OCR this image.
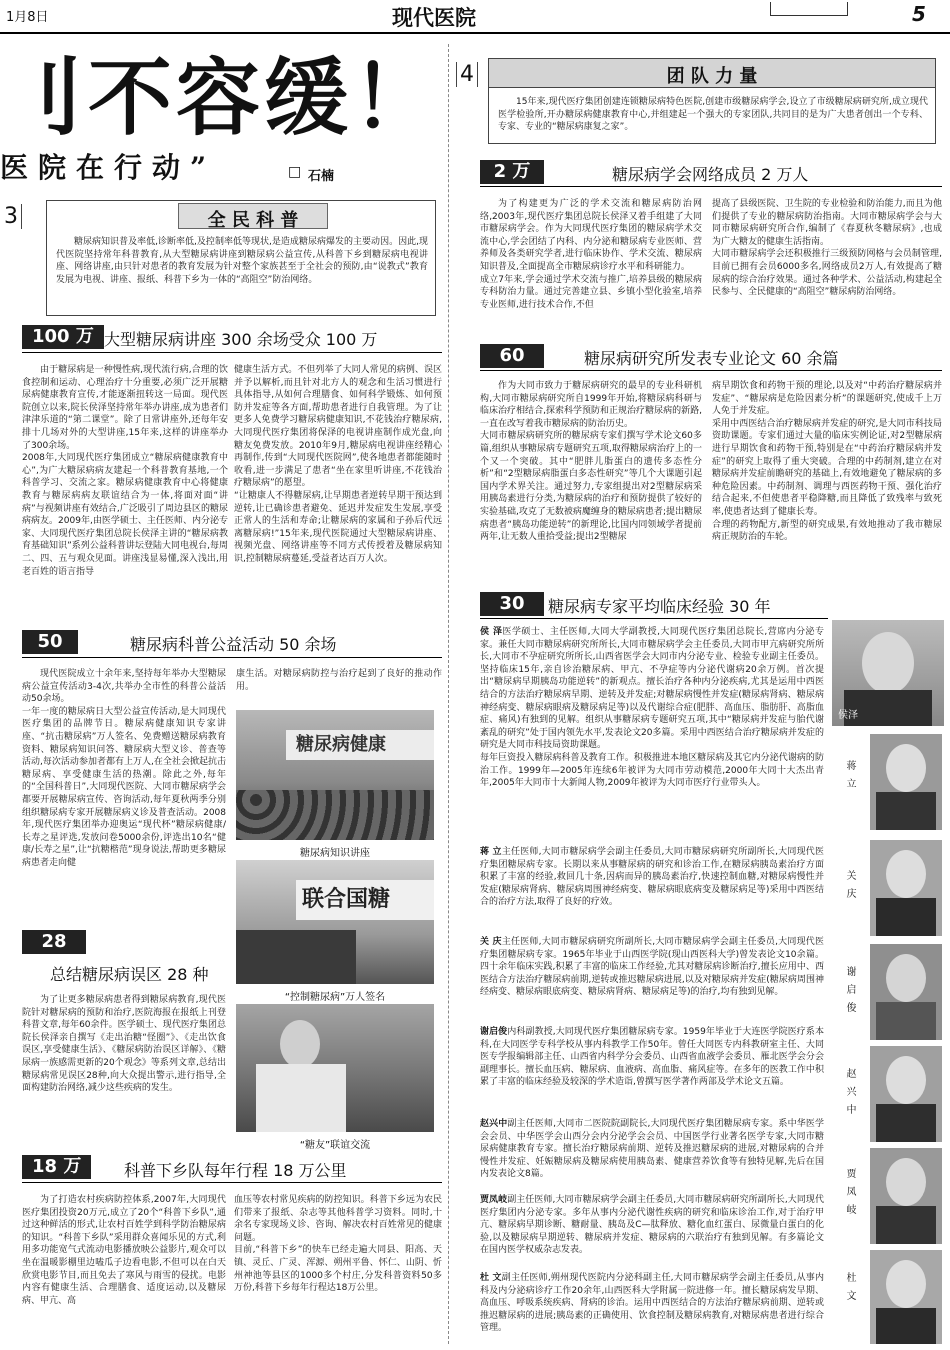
1月8日	现代医院	5
刂不容缓！
医院在行动”	□ 石楠
3
4
全 民 科 普
糖尿病知识普及率低,诊断率低,及控制率低等现状,是造成糖尿病爆发的主要动因。因此,现代医院坚持常年科普教育,从大型糖尿病讲座到糖尿病公益宣传,从科普下乡到糖尿病电视讲座、网络讲座,由只针对患者的教育发展为针对整个家族甚至于全社会的预防,由“说教式”教育发展为电视、讲座、报纸、科普下乡为一体的“高阻空”防治网络。
100 万 大型糖尿病讲座 300 余场受众 100 万
由于糖尿病是一种慢性病,现代流行病,合理的饮食控制和运动、心理治疗十分重要,必须广泛开展糖尿病健康教育宣传,才能逐渐扭转这一局面。现代医院创立以来,院长侯泽坚持常年举办讲座,成为患者们津津乐道的“第二课堂”。除了日常讲座外,还每年安排十几场对外的大型讲座,15年来,这样的讲座举办了300余场。
2008年,大同现代医疗集团成立“糖尿病健康教育中心”,为广大糖尿病病友建起一个科普教育基地,一个科普学习、交流之家。糖尿病健康教育中心将健康教育与糖尿病病友联谊结合为一体,将面对面“讲病”与视频讲座有效结合,广泛吸引了周边县区的糖尿病病友。2009年,由医学硕士、主任医师、内分泌专家、大同现代医疗集团总院长侯泽主讲的“糖尿病教育基础知识”系列公益科普讲坛登陆大同电视台,每周二、四、五与观众见面。讲座浅显易懂,深入浅出,用老百姓的语言指导
健康生活方式。不但列举了大同人常见的病例、误区并予以解析,而且针对北方人的观念和生活习惯进行具体指导,从如何合理膳食、如何科学锻炼、如何预防并发症等各方面,帮助患者进行自我管理。为了让更多人免费学习糖尿病健康知识,不花钱治疗糖尿病,大同现代医疗集团将保泽的电视讲座制作成光盘,向糖友免费发放。2010年9月,糖尿病电视讲座经精心再制作,传到“大同现代医院网”,使各地患者都能随时收看,进一步满足了患者“坐在家里听讲座,不花钱治疗糖尿病”的愿望。
“让糖康人不得糖尿病,让早期患者逆转早期干预达到逆转,让已确诊患者避免、延迟并发症发生发展,享受正常人的生活和寿命;让糖尿病的家属和子孙后代远离糖尿病!”15年来,现代医院通过大型糖尿病讲座、视频光盘、网络讲座等不同方式传授着及糖尿病知识,控制糖尿病蔓延,受益者达百万人次。
50	糖尿病科普公益活动 50 余场
现代医院成立十余年来,坚持每年举办大型糖尿病公益宣传活动3-4次,共举办全市性的科普公益活动50余场。
一年一度的糖尿病日大型公益宣传活动,是大同现代医疗集团的品牌节日。糖尿病健康知识专家讲座、“抗击糖尿病”万人签名、免费赠送糖尿病教育资料、糖尿病知识问答、糖尿病大型义诊、普查等活动,每次活动参加者都有上万人,在全社会掀起抗击糖尿病、享受健康生活的热潮。除此之外,每年的“全国科普日”,大同现代医院、大同市糖尿病学会都要开展糖尿病宣传、咨询活动,每年夏秋两季分别组织糖尿病专家开展糖尿病义诊及普查活动。2008年,现代医疗集团举办迎奥运“现代杯”糖尿病健康/长寿之星评选,发放问卷5000余份,评选出10名“健康/长寿之星”,让“抗糖楷范”现身说法,帮助更多糖尿病患者走向健
康生活。对糖尿病防控与治疗起到了良好的推动作用。
糖尿病健康
糖尿病知识讲座
联合国糖
“控制糖尿病”万人签名
“糖友”联谊交流
28
总结糖尿病误区 28 种
为了让更多糖尿病患者得到糖尿病教育,现代医院针对糖尿病的预防和治疗,医院海报在报纸上刊登科普文章,每年60余件。医学硕士、现代医疗集团总院长侯泽亲自撰写《走出治糖“怪圈”》、《走出饮食误区,享受健康生活》、《糖尿病防治误区详解》、《糖尿病一族感需更新的20个观念》等系列文章,总结出糖尿病常见误区28种,向大众提出警示,进行指导,全面构建防治网络,减少这些疾病的发生。
18 万	科普下乡队每年行程 18 万公里
为了打造农村疾病防控体系,2007年,大同现代医疗集团投资20万元,成立了20个“科普下乡队”,通过这种鲜活的形式,让农村百姓学到科学防治糖尿病的知识。“科普下乡队”采用群众喜闻乐见的方式,利用多功能宽气式流动电影播放映公益影片,观众可以坐在温暖影棚里边嗑瓜子边看电影,不但可以在白天欣赏电影节目,而且免去了寒风与雨雪的侵扰。电影内容有健康生活、合理膳食、适度运动,以及糖尿病、甲亢、高
血压等农村常见疾病的防控知识。科普下乡远为农民们带来了报纸、杂志等其他科普学习资料。同时,十余名专家现场义诊、咨询、解决农村百姓常见的健康问题。
目前,“科普下乡”的快车已经走遍大同县、阳高、天镇、灵丘、广灵、浑源、朔州平鲁、怀仁、山阴、忻州神池等县区的1000多个村庄,分发科普资料50多万份,科普下乡每年行程达18万公里。
团 队 力 量
15年来,现代医疗集团创建连锁糖尿病特色医院,创建市级糖尿病学会,设立了市级糖尿病研究所,成立现代医学检验所,开办糖尿病健康教育中心,并组建起一个强大的专家团队,共同目的是为广大患者创出一个专科、专家、专业的“糖尿病康复之家”。
2 万	糖尿病学会网络成员 2 万人
为了构建更为广泛的学术交流和糖尿病防治网络,2003年,现代医疗集团总院长侯泽又着手组建了大同市糖尿病学会。作为大同现代医疗集团的糖尿病学术交流中心,学会团结了内科、内分泌和糖尿病专业医师、营养师及各类研究学者,进行临床协作、学术交流、糖尿病知识普及,全面提高全市糖尿病诊疗水平和科研能力。
成立7年来,学会通过学术交流与推广,培养县级的糖尿病专科防治力量。通过完善建立县、乡镇小型化验室,培养专业医师,进行技术合作,不但
提高了县级医院、卫生院的专业检验和防治能力,而且为他们提供了专业的糖尿病防治指南。大同市糖尿病学会与大同市糖尿病研究所合作,编制了《春夏秋冬糖尿病》,也成为广大糖友的健康生活指南。
大同市糖尿病学会还积极推行三级预防网格与会员制管理,目前已拥有会员6000多名,网络成员2万人,有效提高了糖尿病的综合治疗效果。通过各种学术、公益活动,构建起全民参与、全民健康的“高阻空”糖尿病防治网络。
60	糖尿病研究所发表专业论文 60 余篇
作为大同市致力于糖尿病研究的最早的专业科研机构,大同市糖尿病研究所自1999年开始,将糖尿病科研与临床治疗相结合,探索科学预防和正规治疗糖尿病的新路,一直在改写着我市糖尿病的防治历史。
大同市糖尿病研究所的糖尿病专家们撰写学术论文60多篇,组织从事糖尿病专题研究五项,取得糖尿病治疗上的一个又一个突破。其中“肥胖儿脂蛋白的遗传多态性分析”和“2型糖尿病脂蛋白多态性研究”等几个大课题引起国内学术界关注。通过努力,专家组提出对2型糖尿病采用胰岛素进行分类,为糖尿病的治疗和预防提供了较好的实验基础,攻克了无数被病魔缠身的糖尿病患者;提出糖尿病患者“胰岛功能逆转”的新理论,比国内同领域学者提前两年,让无数人重拾受益;提出2型糖尿
病早期饮食和药物干预的理论,以及对“中药治疗糖尿病并发症”、“糖尿病是危险因素分析”的课题研究,使成千上万人免于并发症。
采用中西医结合治疗糖尿病并发症的研究,是大同市科技局资助课题。专家们通过大量的临床实例论证,对2型糖尿病进行早期饮食和药物干预,特别是在“中药治疗糖尿病并发症”的研究上取得了重大突破。合理的中药制剂,建立在对糖尿病并发症前瞻研究的基础上,有效地避免了糖尿病的多种危险因素。中药制剂、调理与西医药物干预、强化治疗结合起来,不但使患者平稳降糖,而且降低了致残率与致死率,使患者达到了健康长寿。
合理的药物配方,新型的研究成果,有效地推动了我市糖尿病正规防治的车轮。
30	糖尿病专家平均临床经验 30 年
侯 泽医学硕士、主任医师,大同大学副教授,大同现代医疗集团总院长,营席内分泌专家。兼任大同市糖尿病研究所所长,大同市糖尿病学会主任委员,大同市甲亢病研究所所长,大同市不孕症研究所所长,山西省医学会大同市内分泌专业、检验专业副主任委员。坚持临床15年,亲自诊治糖尿病、甲亢、不孕症等内分泌代谢病20余万例。首次提出“糖尿病早期胰岛功能逆转”的新观点。擅长治疗各种内分泌疾病,尤其是运用中西医结合的方法治疗糖尿病早期、逆转及并发症;对糖尿病慢性并发症(糖尿病肾病、糖尿病神经病变、糖尿病眼病及糖尿病足等)以及代谢综合症(肥胖、高血压、脂肪肝、高脂血症、痛风)有独到的见解。组织从事糖尿病专题研究五项,其中“糖尿病并发症与胎代谢紊乱的研究”处于国内领先水平,发表论文20多篇。采用中西医结合治疗糖尿病并发症的研究是大同市科技局资助课题。
每年巨资投入糖尿病科普及教育工作。积极推进本地区糖尿病及其它内分泌代谢病的防治工作。1999年—2005年连续6年被评为大同市劳动模范,2000年大同十大杰出青年,2005年大同市十大新闻人物,2009年被评为大同市医疗行业带头人。
蒋 立主任医师,大同市糖尿病学会副主任委员,大同市糖尿病研究所副所长,大同现代医疗集团糖尿病专家。长期以来从事糖尿病的研究和诊治工作,在糖尿病胰岛素治疗方面积累了丰富的经验,救回几十条,因病而异的胰岛素治疗,快速控制血糖,对糖尿病慢性并发症(糖尿病肾病、糖尿病周围神经病变、糖尿病眼底病变及糖尿病足等)采用中西医结合的治疗方法,取得了良好的疗效。
关 庆主任医师,大同市糖尿病研究所副所长,大同市糖尿病学会副主任委员,大同现代医疗集团糖尿病专家。1965年毕业于山西医学院(现山西医科大学)曾发表论文10余篇。四十余年临床实践,积累了丰富的临床工作经验,尤其对糖尿病诊断治疗,擅长应用中、西医结合方法治疗糖尿病前期,逆转或推迟糖尿病进展,以及对糖尿病并发症(糖尿病周围神经病变、糖尿病眼底病变、糖尿病肾病、糖尿病足等)的治疗,均有独到见解。
谢启俊内科副教授,大同现代医疗集团糖尿病专家。1959年毕业于大连医学院医疗系本科,在大同医学专科学校从事内科教学工作50年。曾任大同医专内科教研室主任、大同医专学报编辑部主任、山西省内科学分会委员、山西省血液学会委员、雁北医学会分会副理事长。擅长血压病、糖尿病、血液病、高血脂、痛风症等。在多年的医教工作中积累了丰富的临床经验及较深的学术造诣,曾撰写医学著作两部及学术论文五篇。
赵兴中副主任医师,大同市二医院院副院长,大同现代医疗集团糖尿病专家。系中华医学会会员、中华医学会山西分会内分泌学会会员、中国医学行业著名医学专家,大同市糖尿病健康教育专家。擅长治疗糖尿病前期、逆转及推迟糖尿病的进展,对糖尿病的合并慢性并发症、妊娠糖尿病及糖尿病使用胰岛素、健康营养饮食等有独特见解,先后在国内发表论文8篇。
贾凤岐副主任医师,大同市糖尿病学会副主任委员,大同市糖尿病研究所副所长,大同现代医疗集团内分泌专家。多年从事内分泌代谢性疾病的研究和临床诊治工作,对于治疗甲亢、糖尿病早期诊断、糖耐量、胰岛及C—肽释放、糖化血红蛋白、尿微量白蛋白的化验,以及糖尿病早期逆转、糖尿病并发症、糖尿病的六联治疗有独到见解。有多篇论文在国内医学权威杂志发表。
杜 文副主任医师,朔州现代医院内分泌科副主任,大同市糖尿病学会副主任委员,从事内科及内分泌病诊疗工作20余年,山西医科大学附属一院进修一年。擅长糖尿病发早期、高血压、呼吸系统疾病、肾病的诊治。运用中西医结合的方法治疗糖尿病前期、逆转或推迟糖尿病的进展;胰岛素的正确使用、饮食控制及糖尿病教育,对糖尿病患者进行综合管理。
侯泽
蒋立
关庆
谢启俊
赵兴中
贾凤岐
杜文
